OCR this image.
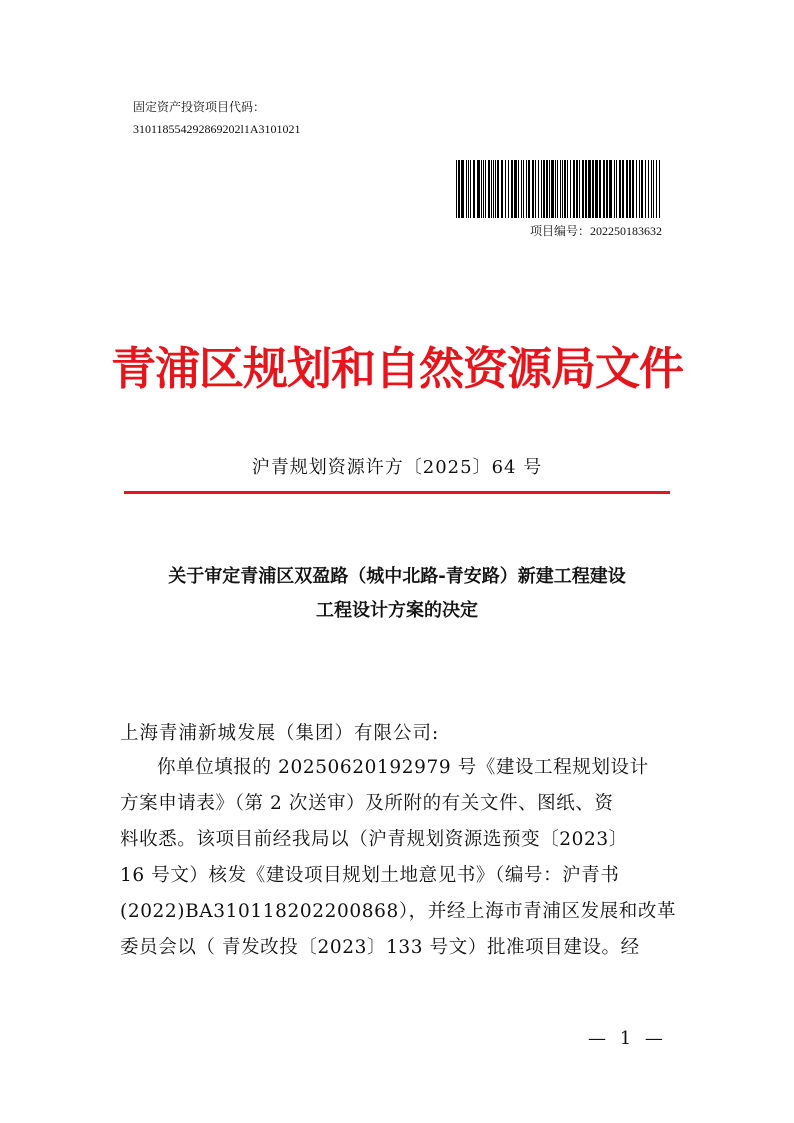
固定资产投资项目代码：
310118554292869202l1A3101021
项目编号：202250183632
青浦区规划和自然资源局文件
沪青规划资源许方〔2025〕64 号
关于审定青浦区双盈路（城中北路-青安路）新建工程建设
工程设计方案的决定
上海青浦新城发展（集团）有限公司:
你单位填报的 20250620192979 号《建设工程规划设计
方案申请表》（第 2 次送审）及所附的有关文件、图纸、资
料收悉。该项目前经我局以（沪青规划资源选预变〔2023〕
16 号文）核发《建设项目规划土地意见书》（编号：沪青书
(2022)BA310118202200868），并经上海市青浦区发展和改革
委员会以（ 青发改投〔2023〕133 号文）批准项目建设。经
— 1 —
